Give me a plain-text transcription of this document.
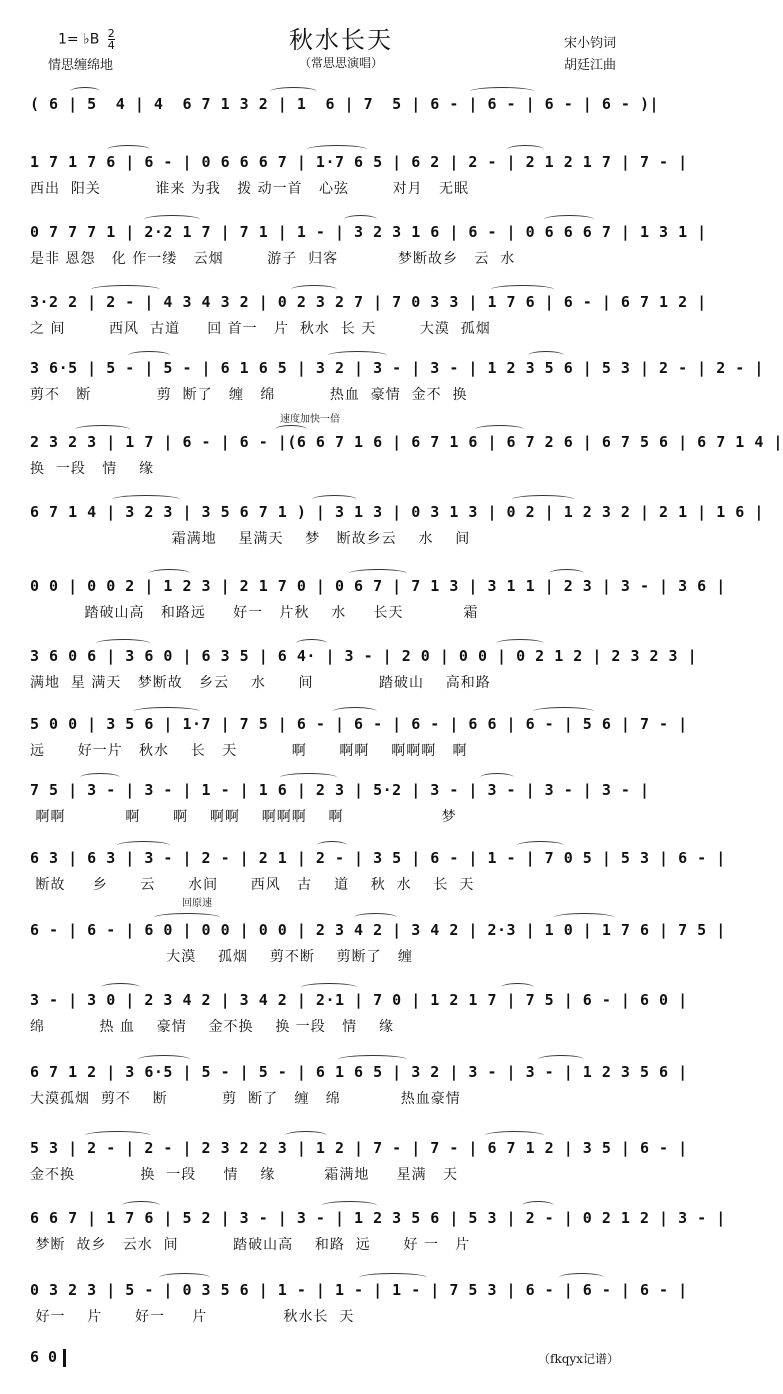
秋水长天
（常思思演唱）
1= ♭B $\frac{2}{4}$
情思缠绵地
宋小钧词
胡廷江曲
( 6 | 5  4 | 4  6 7 1 3 2 | 1  6 | 7  5 | 6 - | 6 - | 6 - | 6 - )|
1 7 1 7 6 | 6 - | 0 6 6 6 7 | 1·7 6 5 | 6 2 | 2 - | 2 1 2 1 7 | 7 - |
西出  阳关          谁来 为我   拨 动一首   心弦        对月   无眠
0 7 7 7 1 | 2·2 1 7 | 7 1 | 1 - | 3 2 3 1 6 | 6 - | 0 6 6 6 7 | 1 3 1 |
是非 恩怨   化 作一缕   云烟        游子  归客           梦断故乡   云  水
3·2 2 | 2 - | 4 3 4 3 2 | 0 2 3 2 7 | 7 0 3 3 | 1 7 6 | 6 - | 6 7 1 2 |
之 间        西风  古道     回 首一   片  秋水  长 天        大漠  孤烟
3 6·5 | 5 - | 5 - | 6 1 6 5 | 3 2 | 3 - | 3 - | 1 2 3 5 6 | 5 3 | 2 - | 2 - |
剪不   断            剪  断了   缠   绵          热血  豪情  金不  换
2 3 2 3 | 1 7 | 6 - | 6 - |(6 6 7 1 6 | 6 7 1 6 | 6 7 2 6 | 6 7 5 6 | 6 7 1 4 |
换  一段   情    缘
6 7 1 4 | 3 2 3 | 3 5 6 7 1 ) | 3 1 3 | 0 3 1 3 | 0 2 | 1 2 3 2 | 2 1 | 1 6 |
霜满地    星满天    梦   断故乡云    水    间
0 0 | 0 0 2 | 1 2 3 | 2 1 7 0 | 0 6 7 | 7 1 3 | 3 1 1 | 2 3 | 3 - | 3 6 |
踏破山高   和路远     好一   片秋    水     长天           霜
3 6 0 6 | 3 6 0 | 6 3 5 | 6 4· | 3 - | 2 0 | 0 0 | 0 2 1 2 | 2 3 2 3 |
满地  星 满天   梦断故   乡云    水      间            踏破山    高和路
5 0 0 | 3 5 6 | 1·7 | 7 5 | 6 - | 6 - | 6 - | 6 6 | 6 - | 5 6 | 7 - |
远      好一片   秋水    长   天          啊      啊啊    啊啊啊   啊
7 5 | 3 - | 3 - | 1 - | 1 6 | 2 3 | 5·2 | 3 - | 3 - | 3 - | 3 - |
啊啊           啊      啊    啊啊    啊啊啊    啊                  梦
6 3 | 6 3 | 3 - | 2 - | 2 1 | 2 - | 3 5 | 6 - | 1 - | 7 0 5 | 5 3 | 6 - |
断故     乡      云      水间      西风   古    道    秋  水    长  天
6 - | 6 - | 6 0 | 0 0 | 0 0 | 2 3 4 2 | 3 4 2 | 2·3 | 1 0 | 1 7 6 | 7 5 |
大漠    孤烟    剪不断    剪断了   缠
3 - | 3 0 | 2 3 4 2 | 3 4 2 | 2·1 | 7 0 | 1 2 1 7 | 7 5 | 6 - | 6 0 |
绵          热 血    豪情    金不换    换 一段   情    缘
6 7 1 2 | 3 6·5 | 5 - | 5 - | 6 1 6 5 | 3 2 | 3 - | 3 - | 1 2 3 5 6 |
大漠孤烟  剪不    断          剪  断了   缠   绵           热血豪情
5 3 | 2 - | 2 - | 2 3 2 2 3 | 1 2 | 7 - | 7 - | 6 7 1 2 | 3 5 | 6 - |
金不换            换  一段     情    缘         霜满地     星满   天
6 6 7 | 1 7 6 | 5 2 | 3 - | 3 - | 1 2 3 5 6 | 5 3 | 2 - | 0 2 1 2 | 3 - |
梦断  故乡   云水  间          踏破山高    和路  远      好 一   片
0 3 2 3 | 5 - | 0 3 5 6 | 1 - | 1 - | 1 - | 7 5 3 | 6 - | 6 - | 6 - |
好一    片      好一     片              秋水长  天
速度加快一倍
回原速
6 0	（fkqyx记谱）
